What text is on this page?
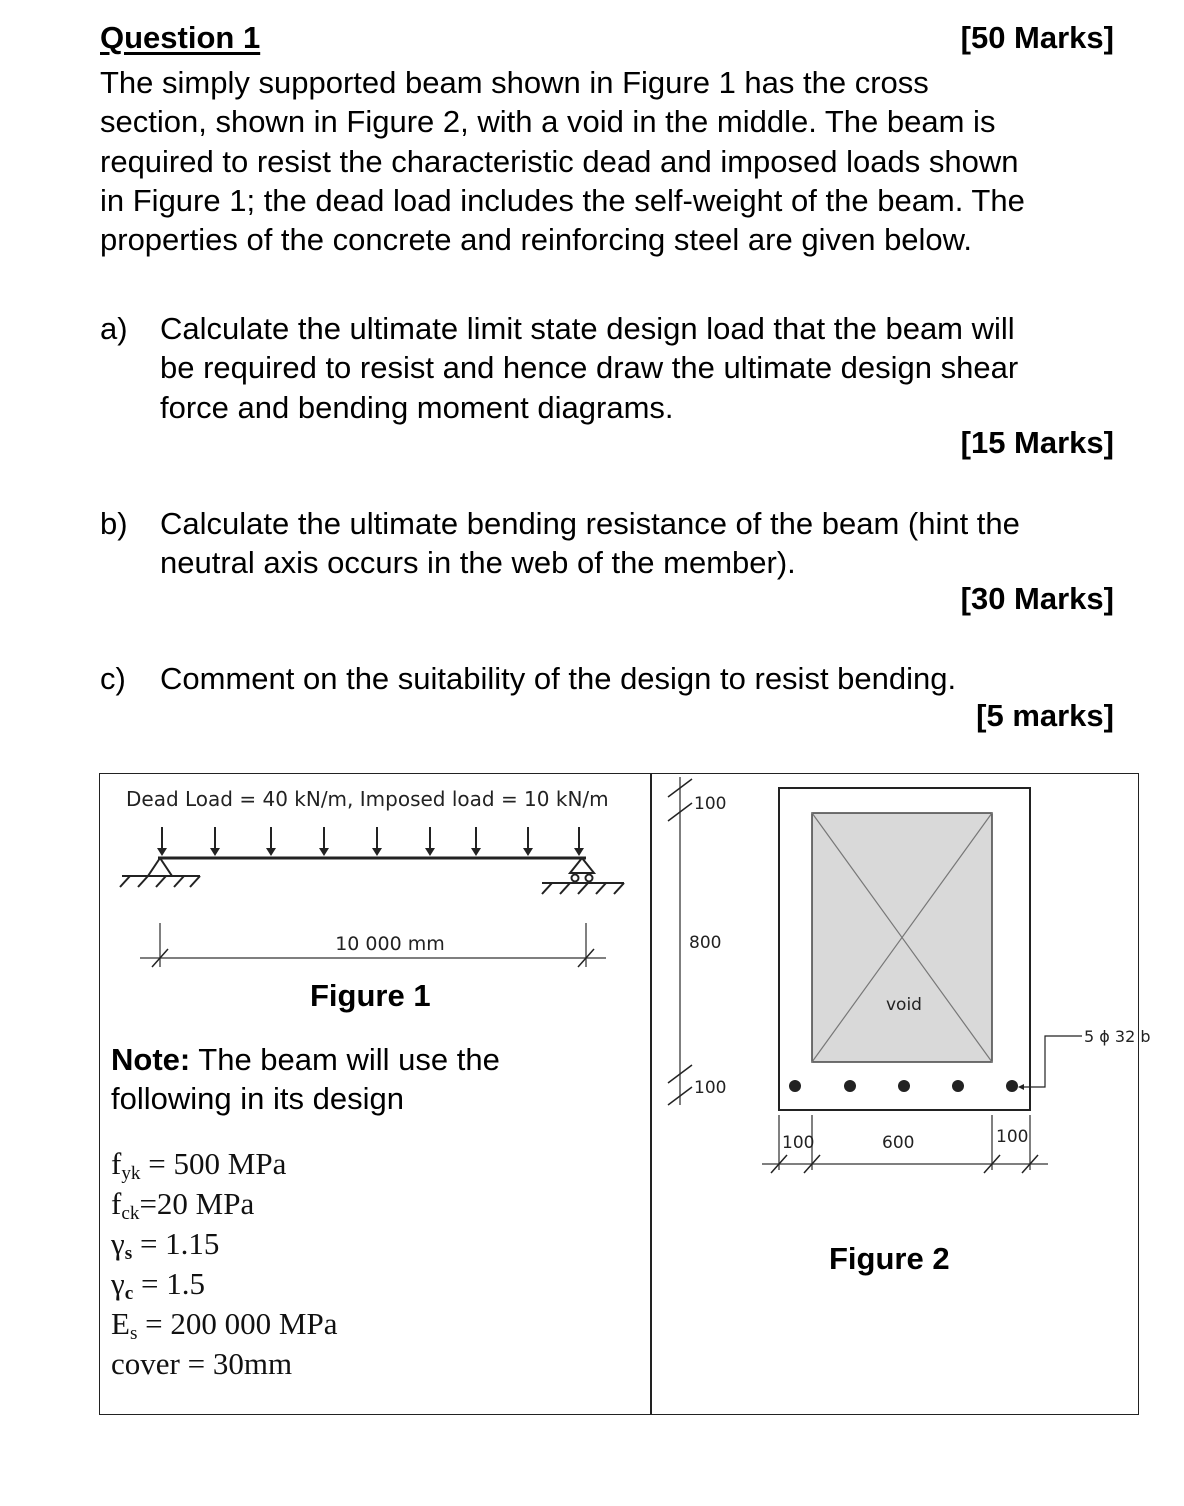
Question 1	[50 Marks]
The simply supported beam shown in Figure 1 has the cross
section, shown in Figure 2, with a void in the middle. The beam is
required to resist the characteristic dead and imposed loads shown
in Figure 1; the dead load includes the self-weight of the beam. The
properties of the concrete and reinforcing steel are given below.
a) Calculate the ultimate limit state design load that the beam will
be required to resist and hence draw the ultimate design shear
force and bending moment diagrams.
[15 Marks]
b) Calculate the ultimate bending resistance of the beam (hint the
neutral axis occurs in the web of the member).
[30 Marks]
c) Comment on the suitability of the design to resist bending.
[5 marks]
Dead Load = 40 kN/m, Imposed load = 10 kN/m
10 000 mm
Figure 1
Note: The beam will use the
following in its design
$f_{yk} = 500$ MPa
$f_{ck}=20$ MPa
$\gamma_s = 1.15$
$\gamma_c = 1.5$
$E_s = 200$ 000 MPa
cover = 30mm
100
800
100
void
5 ϕ 32 b
100	600	100
Figure 2
